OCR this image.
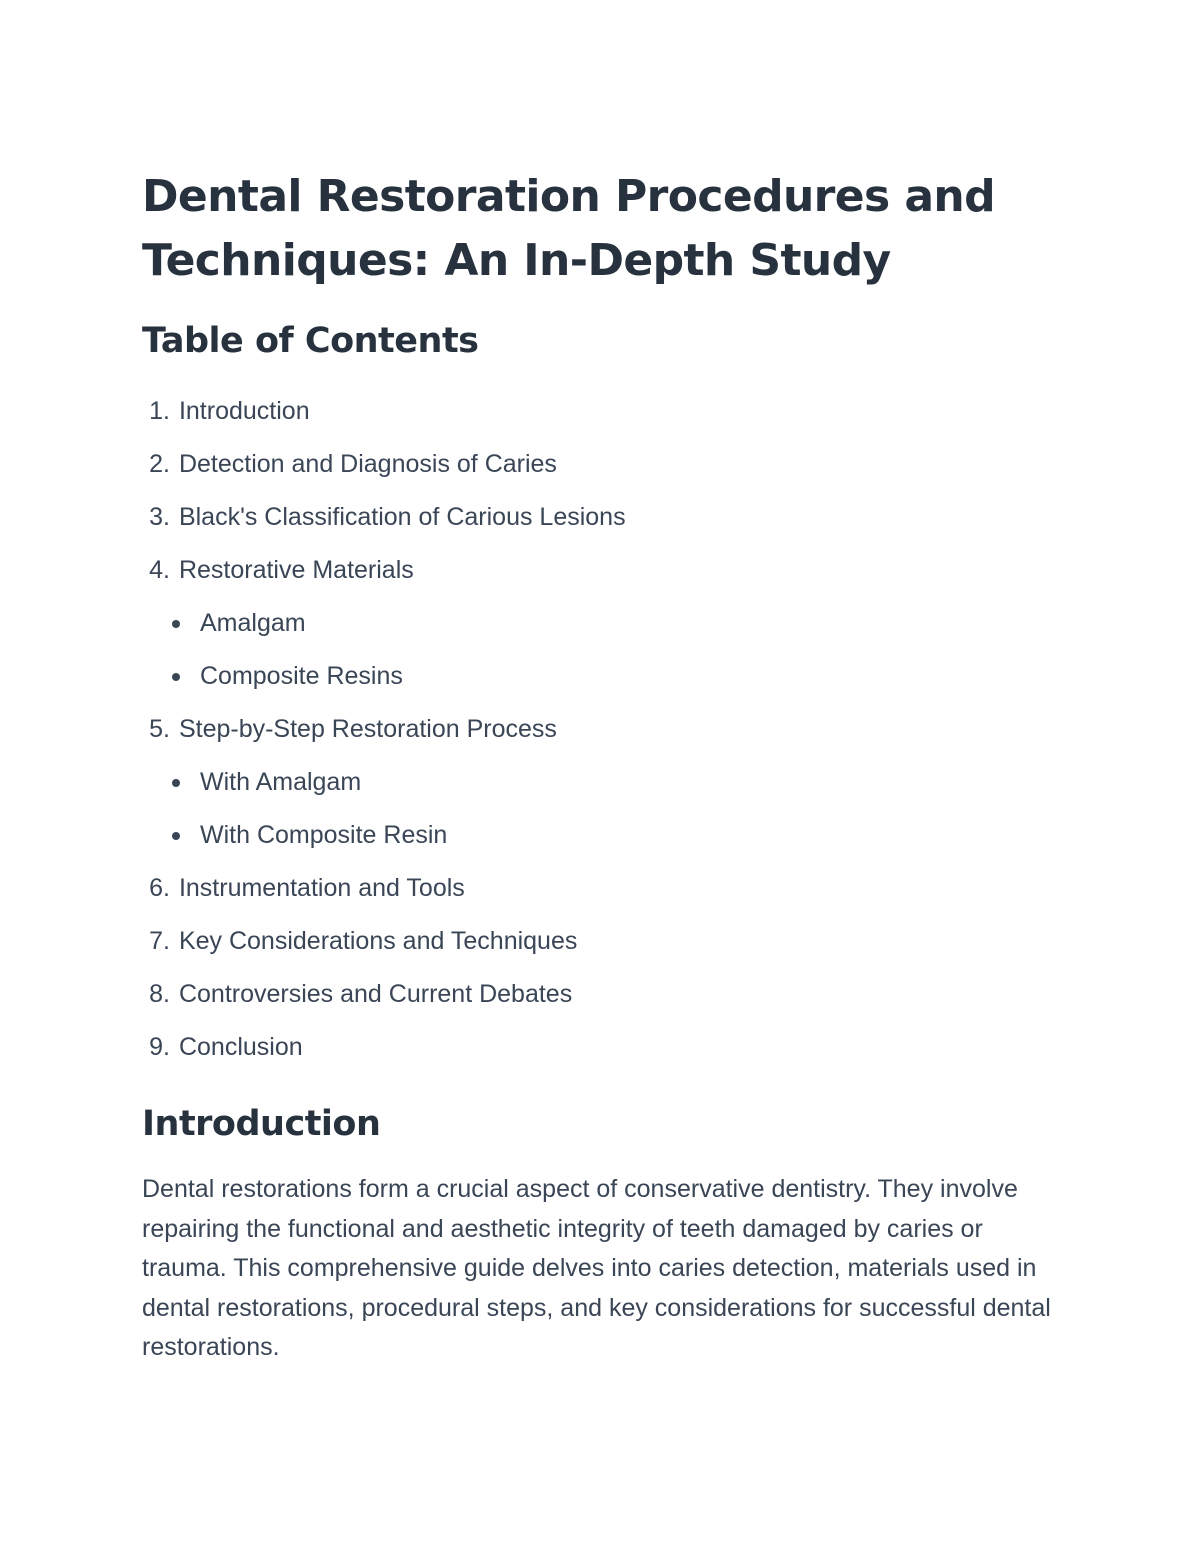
Dental Restoration Procedures and Techniques: An In-Depth Study
Table of Contents
1. Introduction
2. Detection and Diagnosis of Caries
3. Black's Classification of Carious Lesions
4. Restorative Materials
Amalgam
Composite Resins
5. Step-by-Step Restoration Process
With Amalgam
With Composite Resin
6. Instrumentation and Tools
7. Key Considerations and Techniques
8. Controversies and Current Debates
9. Conclusion
Introduction

Dental restorations form a crucial aspect of conservative dentistry. They involve repairing the functional and aesthetic integrity of teeth damaged by caries or trauma. This comprehensive guide delves into caries detection, materials used in dental restorations, procedural steps, and key considerations for successful dental restorations.
